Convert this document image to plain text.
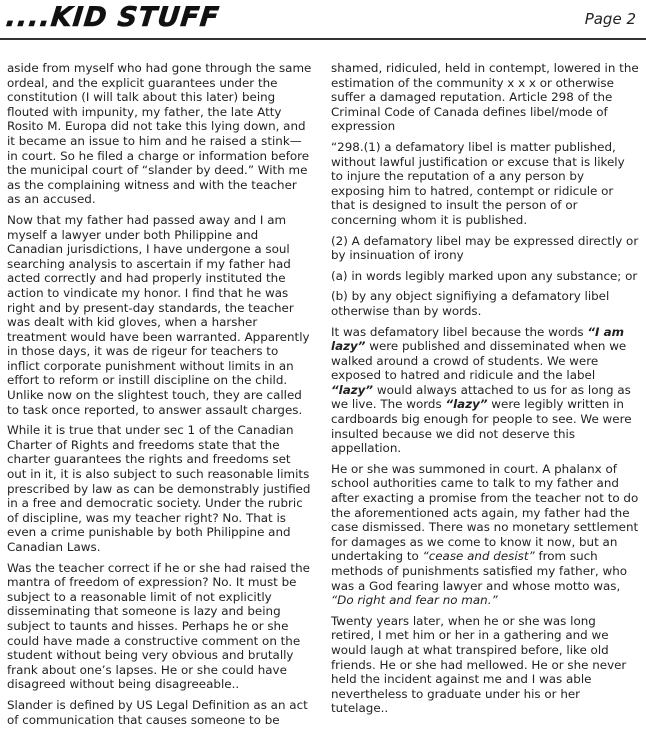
....KID STUFF	Page 2

aside from myself who had gone through the same ordeal, and the explicit guarantees under the constitution (I will talk about this later) being flouted with impunity, my father, the late Atty Rosito M. Europa did not take this lying down, and it became an issue to him and he raised a stink—in court. So he filed a charge or information before the municipal court of “slander by deed.” With me as the complaining witness and with the teacher as an accused.

Now that my father had passed away and I am myself a lawyer under both Philippine and Canadian jurisdictions, I have undergone a soul searching analysis to ascertain if my father had acted correctly and had properly instituted the action to vindicate my honor. I find that he was right and by present-day standards, the teacher was dealt with kid gloves, when a harsher treatment would have been warranted. Apparently in those days, it was de rigeur for teachers to inflict corporate punishment without limits in an effort to reform or instill discipline on the child. Unlike now on the slightest touch, they are called to task once reported, to answer assault charges.

While it is true that under sec 1 of the Canadian Charter of Rights and freedoms state that the charter guarantees the rights and freedoms set out in it, it is also subject to such reasonable limits prescribed by law as can be demonstrably justified in a free and democratic society. Under the rubric of discipline, was my teacher right? No. That is even a crime punishable by both Philippine and Canadian Laws.

Was the teacher correct if he or she had raised the mantra of freedom of expression? No. It must be subject to a reasonable limit of not explicitly disseminating that someone is lazy and being subject to taunts and hisses. Perhaps he or she could have made a constructive comment on the student without being very obvious and brutally frank about one’s lapses. He or she could have disagreed without being disagreeable..

Slander is defined by US Legal Definition as an act of communication that causes someone to be

shamed, ridiculed, held in contempt, lowered in the estimation of the community x x x or otherwise suffer a damaged reputation. Article 298 of the Criminal Code of Canada defines libel/mode of expression

“298.(1) a defamatory libel is matter published, without lawful justification or excuse that is likely to injure the reputation of a any person by exposing him to hatred, contempt or ridicule or that is designed to insult the person of or concerning whom it is published.

(2) A defamatory libel may be expressed directly or by insinuation of irony

(a) in words legibly marked upon any substance; or

(b) by any object signifiying a defamatory libel otherwise than by words.

It was defamatory libel because the words “I am lazy” were published and disseminated when we walked around a crowd of students. We were exposed to hatred and ridicule and the label “lazy” would always attached to us for as long as we live. The words “lazy” were legibly written in cardboards big enough for people to see. We were insulted because we did not deserve this appellation.

He or she was summoned in court. A phalanx of school authorities came to talk to my father and after exacting a promise from the teacher not to do the aforementioned acts again, my father had the case dismissed. There was no monetary settlement for damages as we come to know it now, but an undertaking to “cease and desist” from such methods of punishments satisfied my father, who was a God fearing lawyer and whose motto was, “Do right and fear no man.”

Twenty years later, when he or she was long retired, I met him or her in a gathering and we would laugh at what transpired before, like old friends. He or she had mellowed. He or she never held the incident against me and I was able nevertheless to graduate under his or her tutelage..
